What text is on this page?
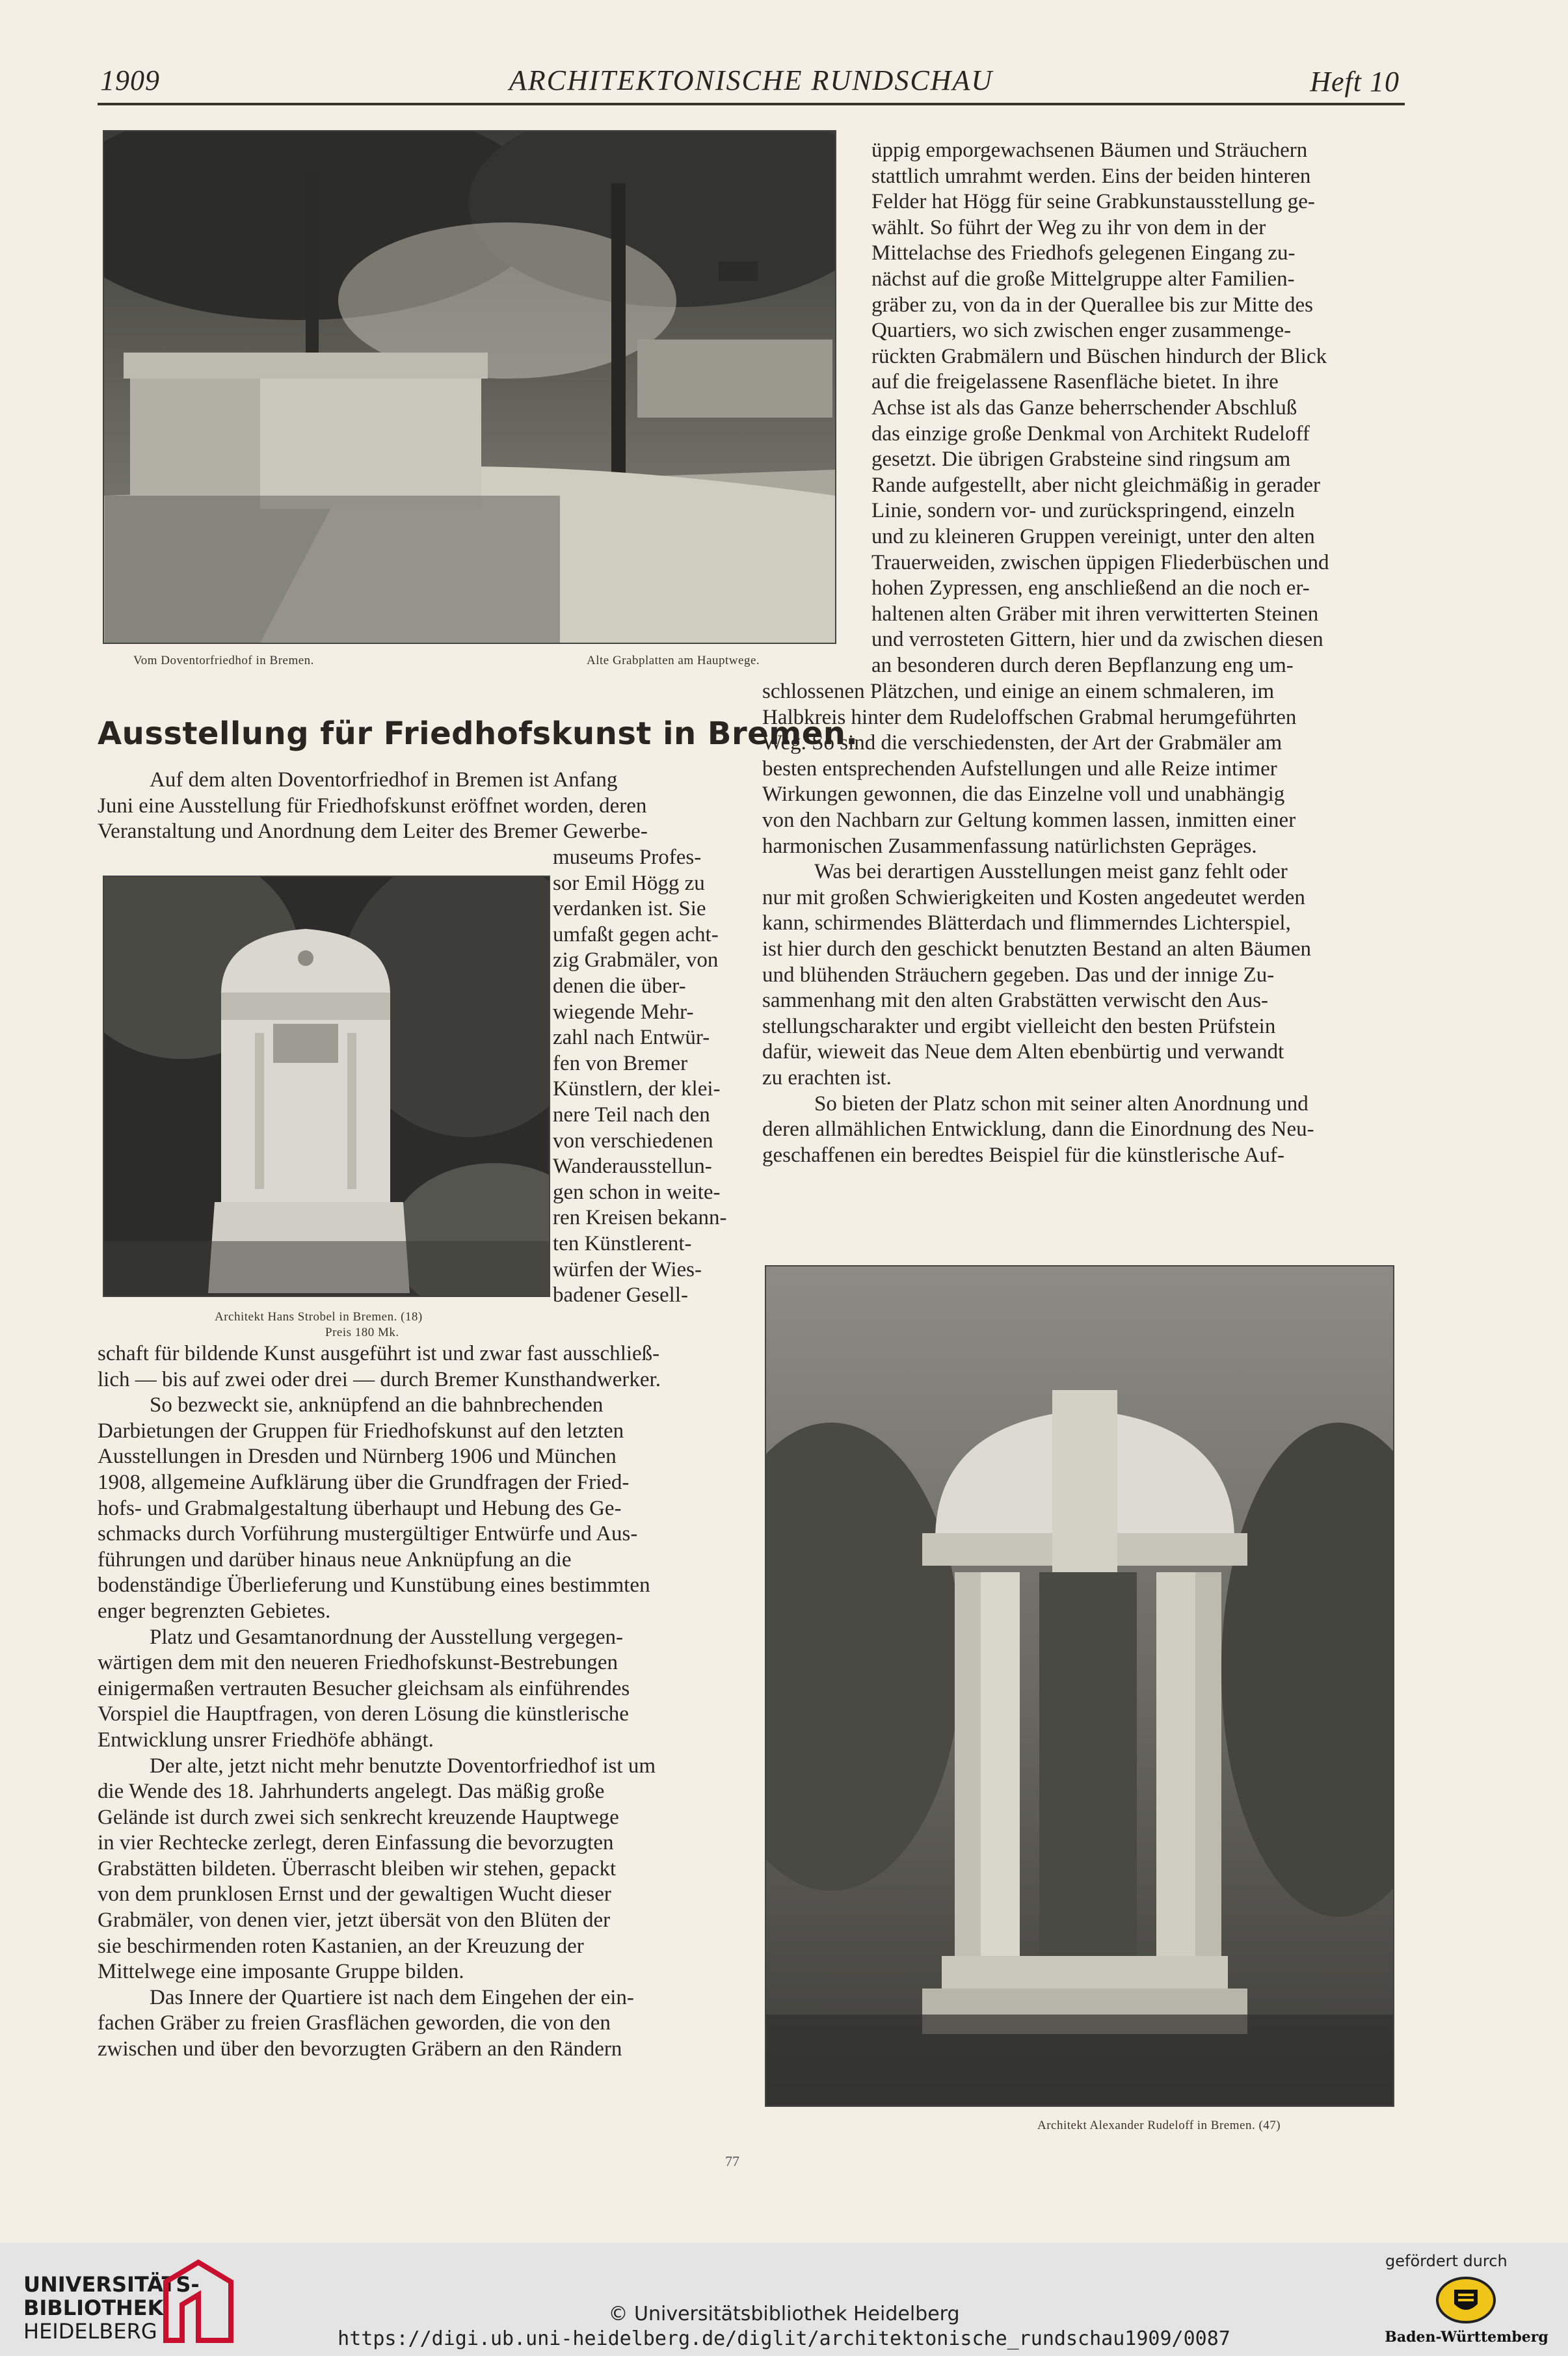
1909	ARCHITEKTONISCHE RUNDSCHAU	Heft 10
Vom Doventorfriedhof in Bremen.	Alte Grabplatten am Hauptwege.
Ausstellung für Friedhofskunst in Bremen.

Auf dem alten Doventorfriedhof in Bremen ist Anfang

Juni eine Ausstellung für Friedhofskunst eröffnet worden, deren

Veranstaltung und Anordnung dem Leiter des Bremer Gewerbe-

Architekt Hans Strobel in Bremen. (18)
Preis 180 Mk.

museums Profes-

sor Emil Högg zu

verdanken ist. Sie

umfaßt gegen acht-

zig Grabmäler, von

denen die über-

wiegende Mehr-

zahl nach Entwür-

fen von Bremer

Künstlern, der klei-

nere Teil nach den

von verschiedenen

Wanderausstellun-

gen schon in weite-

ren Kreisen bekann-

ten Künstlerent-

würfen der Wies-

badener Gesell-

schaft für bildende Kunst ausgeführt ist und zwar fast ausschließ-

lich — bis auf zwei oder drei — durch Bremer Kunsthandwerker.

So bezweckt sie, anknüpfend an die bahnbrechenden

Darbietungen der Gruppen für Friedhofskunst auf den letzten

Ausstellungen in Dresden und Nürnberg 1906 und München

1908, allgemeine Aufklärung über die Grundfragen der Fried-

hofs- und Grabmalgestaltung überhaupt und Hebung des Ge-

schmacks durch Vorführung mustergültiger Entwürfe und Aus-

führungen und darüber hinaus neue Anknüpfung an die

bodenständige Überlieferung und Kunstübung eines bestimmten

enger begrenzten Gebietes.

Platz und Gesamtanordnung der Ausstellung vergegen-

wärtigen dem mit den neueren Friedhofskunst-Bestrebungen

einigermaßen vertrauten Besucher gleichsam als einführendes

Vorspiel die Hauptfragen, von deren Lösung die künstlerische

Entwicklung unsrer Friedhöfe abhängt.

Der alte, jetzt nicht mehr benutzte Doventorfriedhof ist um

die Wende des 18. Jahrhunderts angelegt. Das mäßig große

Gelände ist durch zwei sich senkrecht kreuzende Hauptwege

in vier Rechtecke zerlegt, deren Einfassung die bevorzugten

Grabstätten bildeten. Überrascht bleiben wir stehen, gepackt

von dem prunklosen Ernst und der gewaltigen Wucht dieser

Grabmäler, von denen vier, jetzt übersät von den Blüten der

sie beschirmenden roten Kastanien, an der Kreuzung der

Mittelwege eine imposante Gruppe bilden.

Das Innere der Quartiere ist nach dem Eingehen der ein-

fachen Gräber zu freien Grasflächen geworden, die von den

zwischen und über den bevorzugten Gräbern an den Rändern

üppig emporgewachsenen Bäumen und Sträuchern

stattlich umrahmt werden. Eins der beiden hinteren

Felder hat Högg für seine Grabkunstausstellung ge-

wählt. So führt der Weg zu ihr von dem in der

Mittelachse des Friedhofs gelegenen Eingang zu-

nächst auf die große Mittelgruppe alter Familien-

gräber zu, von da in der Querallee bis zur Mitte des

Quartiers, wo sich zwischen enger zusammenge-

rückten Grabmälern und Büschen hindurch der Blick

auf die freigelassene Rasenfläche bietet. In ihre

Achse ist als das Ganze beherrschender Abschluß

das einzige große Denkmal von Architekt Rudeloff

gesetzt. Die übrigen Grabsteine sind ringsum am

Rande aufgestellt, aber nicht gleichmäßig in gerader

Linie, sondern vor- und zurückspringend, einzeln

und zu kleineren Gruppen vereinigt, unter den alten

Trauerweiden, zwischen üppigen Fliederbüschen und

hohen Zypressen, eng anschließend an die noch er-

haltenen alten Gräber mit ihren verwitterten Steinen

und verrosteten Gittern, hier und da zwischen diesen

an besonderen durch deren Bepflanzung eng um-

schlossenen Plätzchen, und einige an einem schmaleren, im

Halbkreis hinter dem Rudeloffschen Grabmal herumgeführten

Weg. So sind die verschiedensten, der Art der Grabmäler am

besten entsprechenden Aufstellungen und alle Reize intimer

Wirkungen gewonnen, die das Einzelne voll und unabhängig

von den Nachbarn zur Geltung kommen lassen, inmitten einer

harmonischen Zusammenfassung natürlichsten Gepräges.

Was bei derartigen Ausstellungen meist ganz fehlt oder

nur mit großen Schwierigkeiten und Kosten angedeutet werden

kann, schirmendes Blätterdach und flimmerndes Lichterspiel,

ist hier durch den geschickt benutzten Bestand an alten Bäumen

und blühenden Sträuchern gegeben. Das und der innige Zu-

sammenhang mit den alten Grabstätten verwischt den Aus-

stellungscharakter und ergibt vielleicht den besten Prüfstein

dafür, wieweit das Neue dem Alten ebenbürtig und verwandt

zu erachten ist.

So bieten der Platz schon mit seiner alten Anordnung und

deren allmählichen Entwicklung, dann die Einordnung des Neu-

geschaffenen ein beredtes Beispiel für die künstlerische Auf-

Architekt Alexander Rudeloff in Bremen. (47)
77
UNIVERSITÄTS-
BIBLIOTHEK
HEIDELBERG
© Universitätsbibliothek Heidelberg
https://digi.ub.uni-heidelberg.de/diglit/architektonische_rundschau1909/0087
gefördert durch
Baden-Württemberg
